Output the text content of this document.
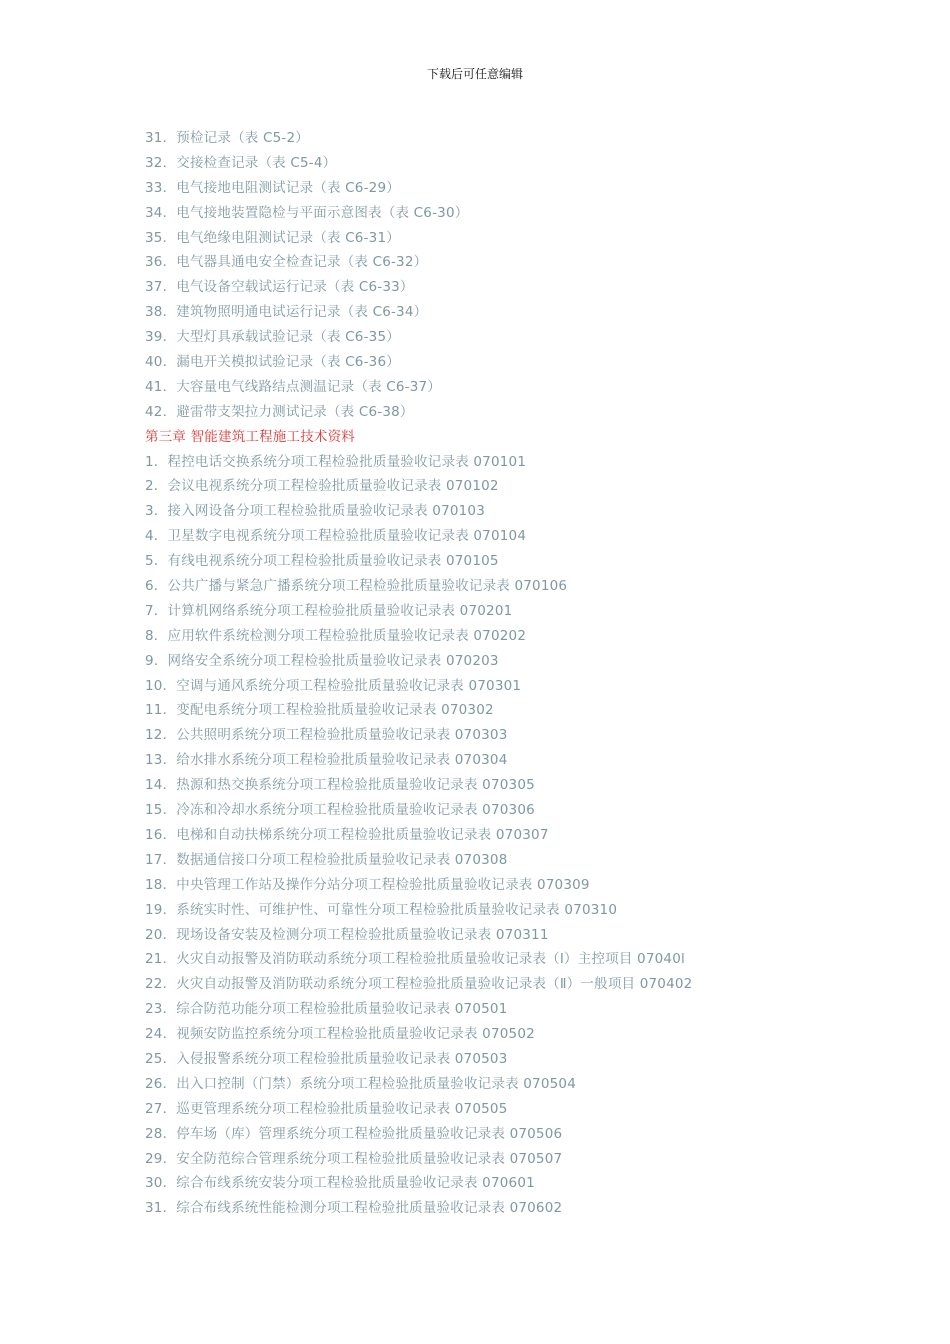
下载后可任意编辑
31．预检记录（表 C5-2）
32．交接检查记录（表 C5-4）
33．电气接地电阻测试记录（表 C6-29）
34．电气接地装置隐检与平面示意图表（表 C6-30）
35．电气绝缘电阻测试记录（表 C6-31）
36．电气器具通电安全检查记录（表 C6-32）
37．电气设备空载试运行记录（表 C6-33）
38．建筑物照明通电试运行记录（表 C6-34）
39．大型灯具承载试验记录（表 C6-35）
40．漏电开关模拟试验记录（表 C6-36）
41．大容量电气线路结点测温记录（表 C6-37）
42．避雷带支架拉力测试记录（表 C6-38）
第三章 智能建筑工程施工技术资料
1．程控电话交换系统分项工程检验批质量验收记录表 070101
2．会议电视系统分项工程检验批质量验收记录表 070102
3．接入网设备分项工程检验批质量验收记录表 070103
4．卫星数字电视系统分项工程检验批质量验收记录表 070104
5．有线电视系统分项工程检验批质量验收记录表 070105
6．公共广播与紧急广播系统分项工程检验批质量验收记录表 070106
7．计算机网络系统分项工程检验批质量验收记录表 070201
8．应用软件系统检测分项工程检验批质量验收记录表 070202
9．网络安全系统分项工程检验批质量验收记录表 070203
10．空调与通风系统分项工程检验批质量验收记录表 070301
11．变配电系统分项工程检验批质量验收记录表 070302
12．公共照明系统分项工程检验批质量验收记录表 070303
13．给水排水系统分项工程检验批质量验收记录表 070304
14．热源和热交换系统分项工程检验批质量验收记录表 070305
15．冷冻和冷却水系统分项工程检验批质量验收记录表 070306
16．电梯和自动扶梯系统分项工程检验批质量验收记录表 070307
17．数据通信接口分项工程检验批质量验收记录表 070308
18．中央管理工作站及操作分站分项工程检验批质量验收记录表 070309
19．系统实时性、可维护性、可靠性分项工程检验批质量验收记录表 070310
20．现场设备安装及检测分项工程检验批质量验收记录表 070311
21．火灾自动报警及消防联动系统分项工程检验批质量验收记录表（Ⅰ）主控项目 07040l
22．火灾自动报警及消防联动系统分项工程检验批质量验收记录表（Ⅱ）一般项目 070402
23．综合防范功能分项工程检验批质量验收记录表 070501
24．视频安防监控系统分项工程检验批质量验收记录表 070502
25．入侵报警系统分项工程检验批质量验收记录表 070503
26．出入口控制（门禁）系统分项工程检验批质量验收记录表 070504
27．巡更管理系统分项工程检验批质量验收记录表 070505
28．停车场（库）管理系统分项工程检验批质量验收记录表 070506
29．安全防范综合管理系统分项工程检验批质量验收记录表 070507
30．综合布线系统安装分项工程检验批质量验收记录表 070601
31．综合布线系统性能检测分项工程检验批质量验收记录表 070602
